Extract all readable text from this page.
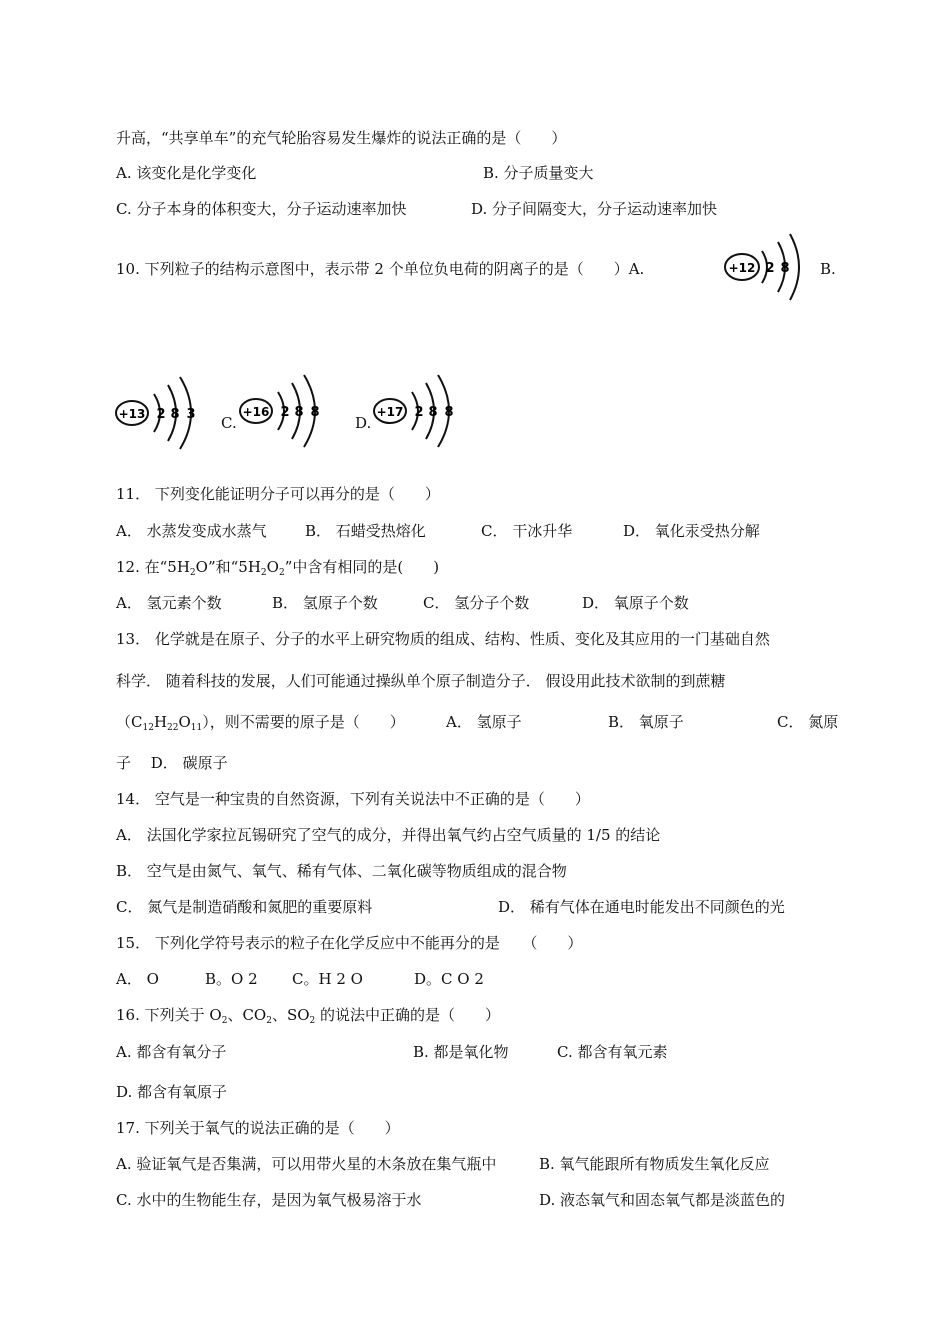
升高，“共享单车”的充气轮胎容易发生爆炸的说法正确的是（　　）
A. 该变化是化学变化	B. 分子质量变大
C. 分子本身的体积变大，分子运动速率加快	D. 分子间隔变大，分子运动速率加快
10. 下列粒子的结构示意图中，表示带 2 个单位负电荷的阴离子的是（　　）A.	+12 2 8 B.
+13 2 8 3 C.
+16 2 8 8
D.
+17 2 8 8
11． 下列变化能证明分子可以再分的是（　　）
A． 水蒸发变成水蒸气	B． 石蜡受热熔化	C． 干冰升华	D． 氧化汞受热分解
12. 在“$5H_2O$”和“$5H_2O_2$”中含有相同的是(　　)
A． 氢元素个数	B． 氢原子个数	C． 氢分子个数	D． 氧原子个数
13． 化学就是在原子、分子的水平上研究物质的组成、结构、性质、变化及其应用的一门基础自然
科学． 随着科技的发展，人们可能通过操纵单个原子制造分子． 假设用此技术欲制的到蔗糖
$(C_{12}H_{22}O_{11})$，则不需要的原子是（　　）	A． 氢原子	B． 氧原子	C． 氮原
子　 D． 碳原子
14． 空气是一种宝贵的自然资源，下列有关说法中不正确的是（　　）
A． 法国化学家拉瓦锡研究了空气的成分，并得出氧气约占空气质量的 1/5 的结论
B． 空气是由氮气、氧气、稀有气体、二氧化碳等物质组成的混合物
C． 氮气是制造硝酸和氮肥的重要原料	D． 稀有气体在通电时能发出不同颜色的光
15． 下列化学符号表示的粒子在化学反应中不能再分的是　　（　　）
A． O	B。O 2 C。H 2 O	D。C O 2
16. 下列关于 $O_2$、$CO_2$、$SO_2$ 的说法中正确的是（　　）
A. 都含有氧分子	B. 都是氧化物	C. 都含有氧元素
D. 都含有氧原子
17. 下列关于氧气的说法正确的是（　　）
A. 验证氧气是否集满，可以用带火星的木条放在集气瓶中	B. 氧气能跟所有物质发生氧化反应
C. 水中的生物能生存，是因为氧气极易溶于水	D. 液态氧气和固态氧气都是淡蓝色的
